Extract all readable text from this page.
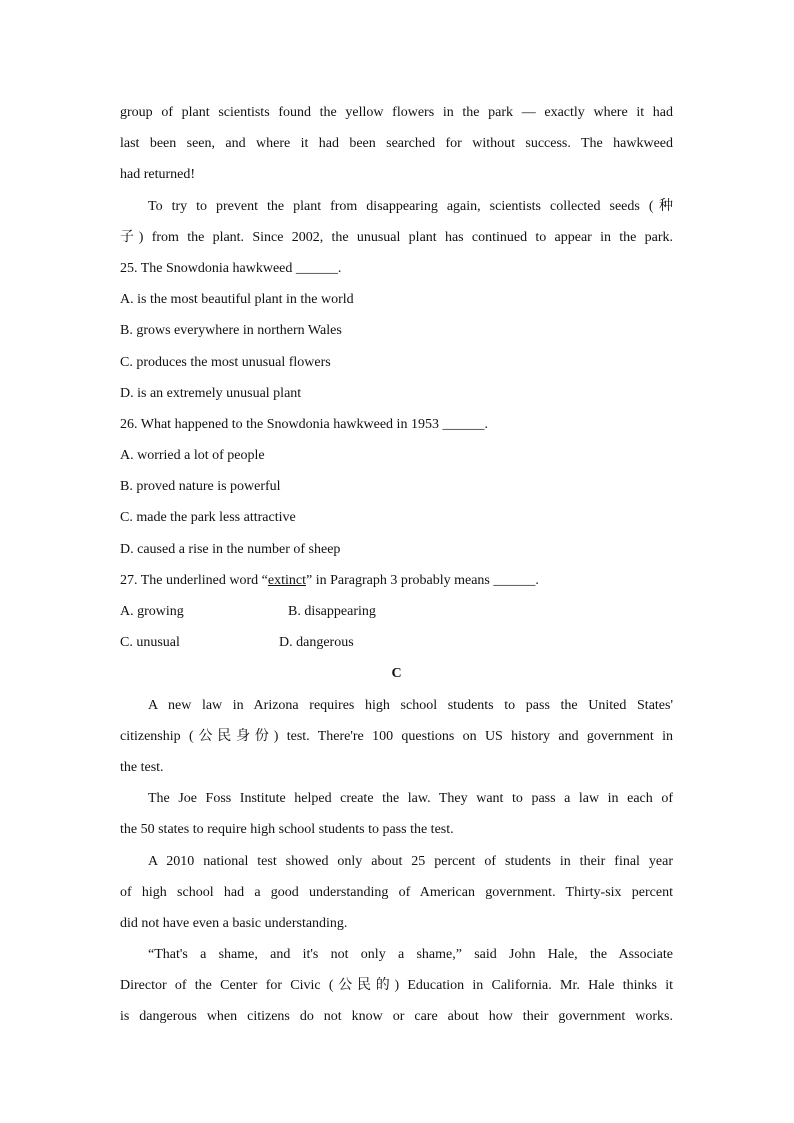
group of plant scientists found the yellow flowers in the park — exactly where it had
last been seen, and where it had been searched for without success. The hawkweed
had returned!
To try to prevent the plant from disappearing again, scientists collected seeds (种
子) from the plant. Since 2002, the unusual plant has continued to appear in the park.
25. The Snowdonia hawkweed ______.
A. is the most beautiful plant in the world
B. grows everywhere in northern Wales
C. produces the most unusual flowers
D. is an extremely unusual plant
26. What happened to the Snowdonia hawkweed in 1953 ______.
A. worried a lot of people
B. proved nature is powerful
C. made the park less attractive
D. caused a rise in the number of sheep
27. The underlined word “extinct” in Paragraph 3 probably means ______.
A. growing	B. disappearing
C. unusual	D. dangerous
C
A new law in Arizona requires high school students to pass the United States'
citizenship (公民身份) test. There're 100 questions on US history and government in
the test.
The Joe Foss Institute helped create the law. They want to pass a law in each of
the 50 states to require high school students to pass the test.
A 2010 national test showed only about 25 percent of students in their final year
of high school had a good understanding of American government. Thirty-six percent
did not have even a basic understanding.
“That's a shame, and it's not only a shame,” said John Hale, the Associate
Director of the Center for Civic (公民的) Education in California. Mr. Hale thinks it
is dangerous when citizens do not know or care about how their government works.
